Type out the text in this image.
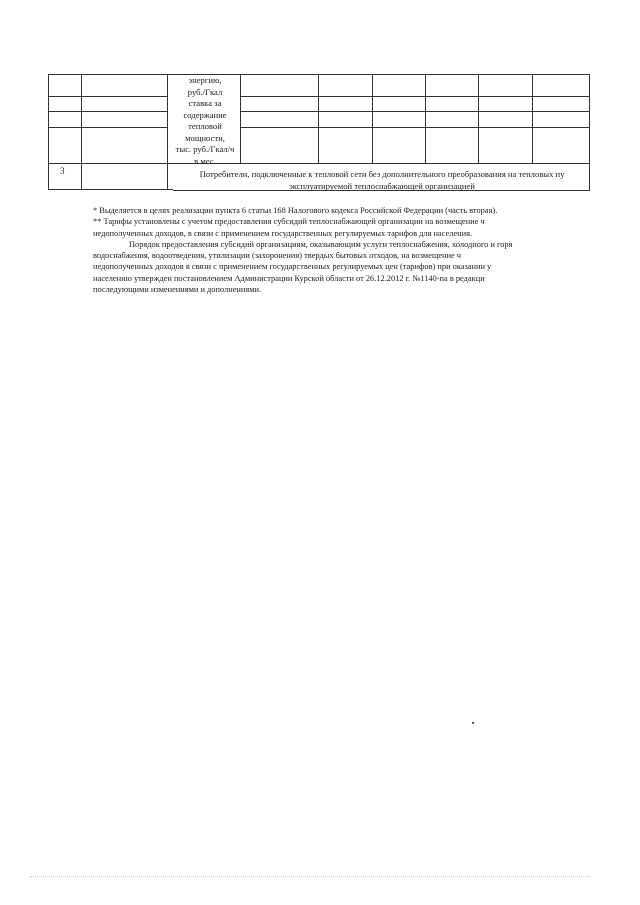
энергию,
руб./Гкал
ставка за
содержание
тепловой
мощности,
тыс. руб./Гкал/ч
в мес.
3	Потребители, подключенные к тепловой сети без дополнительного преобразования на тепловых пу
эксплуатируемой теплоснабжающей организацией

* Выделяется в целях реализации пункта 6 статьи 168 Налогового кодекса Российской Федерации (часть вторая).

** Тарифы установлены с учетом предоставления субсидий теплоснабжающей организации на возмещение ч

недополученных доходов, в связи с применением государственных регулируемых тарифов для населения.

Порядок предоставления субсидий организациям, оказывающим услуги теплоснабжения, холодного и горя

водоснабжения, водоотведения, утилизации (захоронения) твердых бытовых отходов, на возмещение ч

недополученных доходов в связи с применением государственных регулируемых цен (тарифов) при оказании у

населению утвержден постановлением Администрации Курской области от 26.12.2012 г. №1140-па в редакци

последующими изменениями и дополнениями.
